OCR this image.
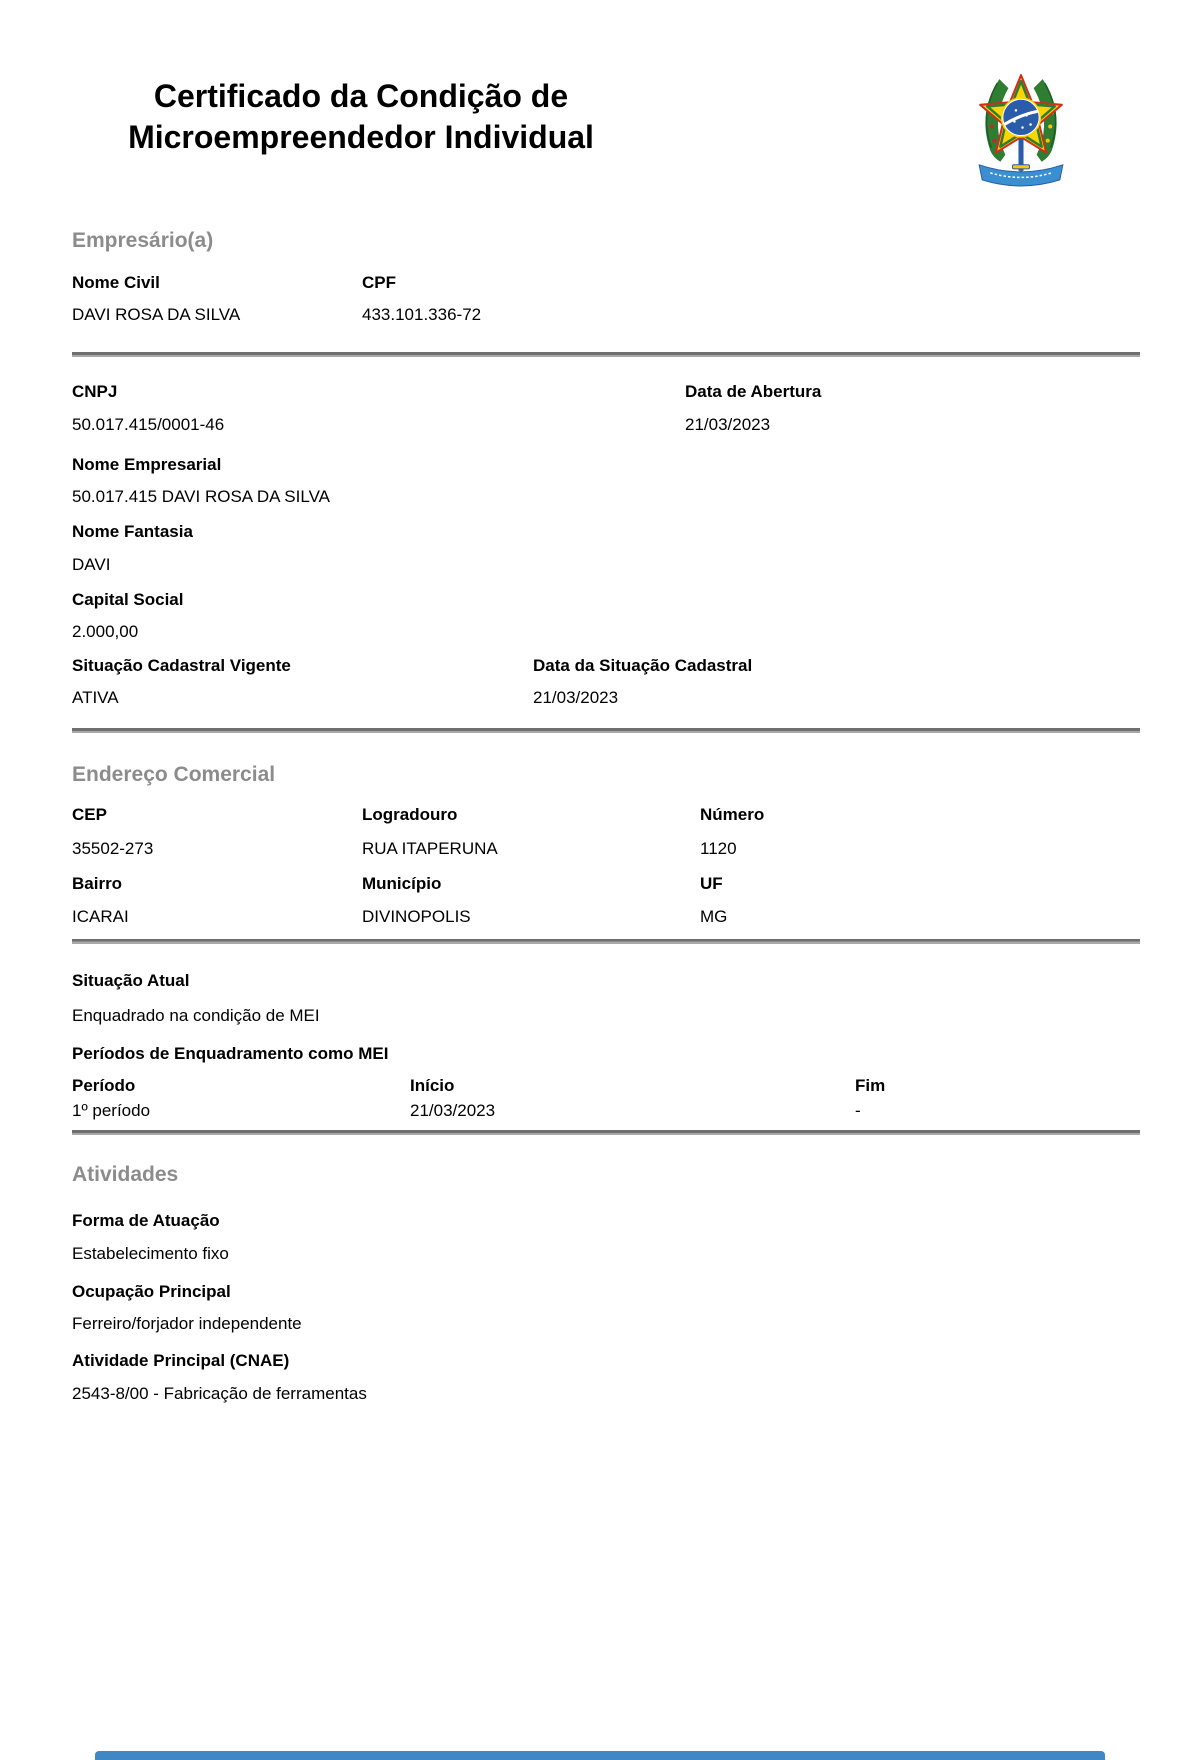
Certificado da Condição de
Microempreendedor Individual
Empresário(a)
Nome Civil
DAVI ROSA DA SILVA
CPF
433.101.336-72
CNPJ
50.017.415/0001-46
Data de Abertura
21/03/2023
Nome Empresarial
50.017.415 DAVI ROSA DA SILVA
Nome Fantasia
DAVI
Capital Social
2.000,00
Situação Cadastral Vigente
ATIVA
Data da Situação Cadastral
21/03/2023
Endereço Comercial
CEP
35502-273
Logradouro
RUA ITAPERUNA
Número
1120
Bairro
ICARAI
Município
DIVINOPOLIS
UF
MG
Situação Atual
Enquadrado na condição de MEI
Períodos de Enquadramento como MEI
Período	Início	Fim
1º período	21/03/2023	-
Atividades
Forma de Atuação
Estabelecimento fixo
Ocupação Principal
Ferreiro/forjador independente
Atividade Principal (CNAE)
2543-8/00 - Fabricação de ferramentas
